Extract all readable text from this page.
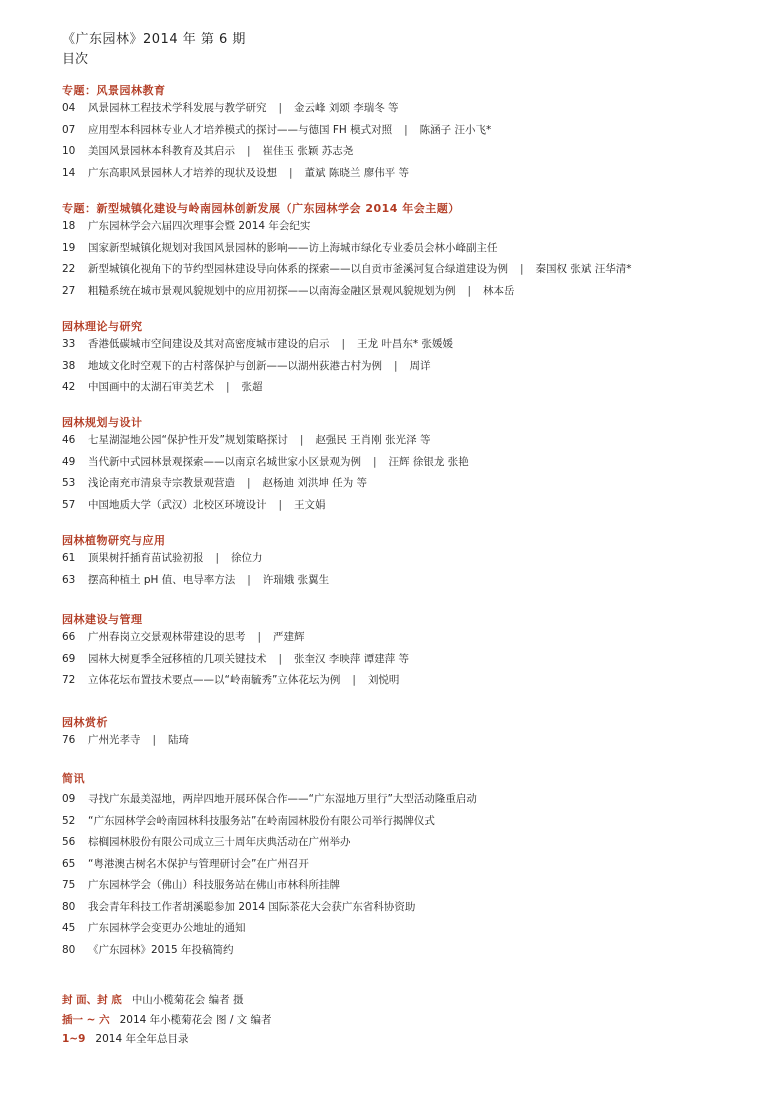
《广东园林》2014 年 第 6 期
目次
专题：风景园林教育
04 风景园林工程技术学科发展与教学研究 | 金云峰 刘颂 李瑞冬 等
07 应用型本科园林专业人才培养模式的探讨——与德国 FH 模式对照 | 陈涵子 汪小飞*
10 美国风景园林本科教育及其启示 | 崔佳玉 张颖 苏志尧
14 广东高职风景园林人才培养的现状及设想 | 董斌 陈晓兰 廖伟平 等
专题：新型城镇化建设与岭南园林创新发展（广东园林学会 2014 年会主题）
18 广东园林学会六届四次理事会暨 2014 年会纪实
19 国家新型城镇化规划对我国风景园林的影响——访上海城市绿化专业委员会林小峰副主任
22 新型城镇化视角下的节约型园林建设导向体系的探索——以自贡市釜溪河复合绿道建设为例 | 秦国权 张斌 汪华清*
27 粗糙系统在城市景观风貌规划中的应用初探——以南海金融区景观风貌规划为例 | 林本岳
园林理论与研究
33 香港低碳城市空间建设及其对高密度城市建设的启示 | 王龙 叶昌东* 张媛媛
38 地域文化时空观下的古村落保护与创新——以湖州荻港古村为例 | 周详
42 中国画中的太湖石审美艺术 | 张超
园林规划与设计
46 七星湖湿地公园“保护性开发”规划策略探讨 | 赵强民 王肖刚 张光泽 等
49 当代新中式园林景观探索——以南京名城世家小区景观为例 | 汪辉 徐银龙 张艳
53 浅论南充市清泉寺宗教景观营造 | 赵杨迪 刘洪坤 任为 等
57 中国地质大学（武汉）北校区环境设计 | 王文娟
园林植物研究与应用
61 顶果树扦插育苗试验初报 | 徐位力
63 摆高种植土 pH 值、电导率方法 | 许瑞娥 张翼生
园林建设与管理
66 广州春岗立交景观林带建设的思考 | 严建辉
69 园林大树夏季全冠移植的几项关键技术 | 张奎汉 李映萍 谭建萍 等
72 立体花坛布置技术要点——以“岭南毓秀”立体花坛为例 | 刘悦明
园林赏析
76 广州光孝寺 | 陆琦
简讯
09 寻找广东最美湿地，两岸四地开展环保合作——“广东湿地万里行”大型活动隆重启动
52 “广东园林学会岭南园林科技服务站”在岭南园林股份有限公司举行揭牌仪式
56 棕榈园林股份有限公司成立三十周年庆典活动在广州举办
65 “粤港澳古树名木保护与管理研讨会”在广州召开
75 广东园林学会（佛山）科技服务站在佛山市林科所挂牌
80 我会青年科技工作者胡溪聪参加 2014 国际茶花大会获广东省科协资助
45 广东园林学会变更办公地址的通知
80 《广东园林》2015 年投稿简约
封 面、封 底 中山小榄菊花会 编者 摄
插一 ~ 六 2014 年小榄菊花会 图 / 文 编者
1~9 2014 年全年总目录
